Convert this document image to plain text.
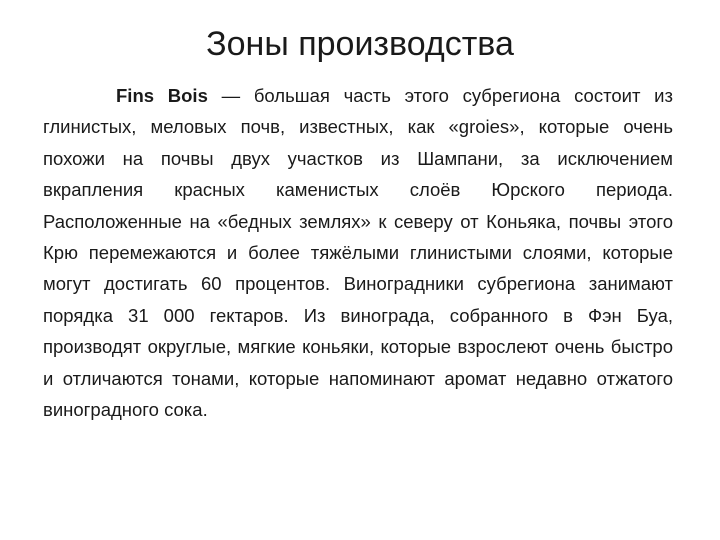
Зоны производства

Fins Bois — большая часть этого субрегиона состоит из глинистых, меловых почв, известных, как «groies», которые очень похожи на почвы двух участков из Шампани, за исключением вкрапления красных каменистых слоёв Юрского периода. Расположенные на «бедных землях» к северу от Коньяка, почвы этого Крю перемежаются и более тяжёлыми глинистыми слоями, которые могут достигать 60 процентов. Виноградники субрегиона занимают порядка 31 000 гектаров. Из винограда, собранного в Фэн Буа, производят округлые, мягкие коньяки, которые взрослеют очень быстро и отличаются тонами, которые напоминают аромат недавно отжатого виноградного сока.
